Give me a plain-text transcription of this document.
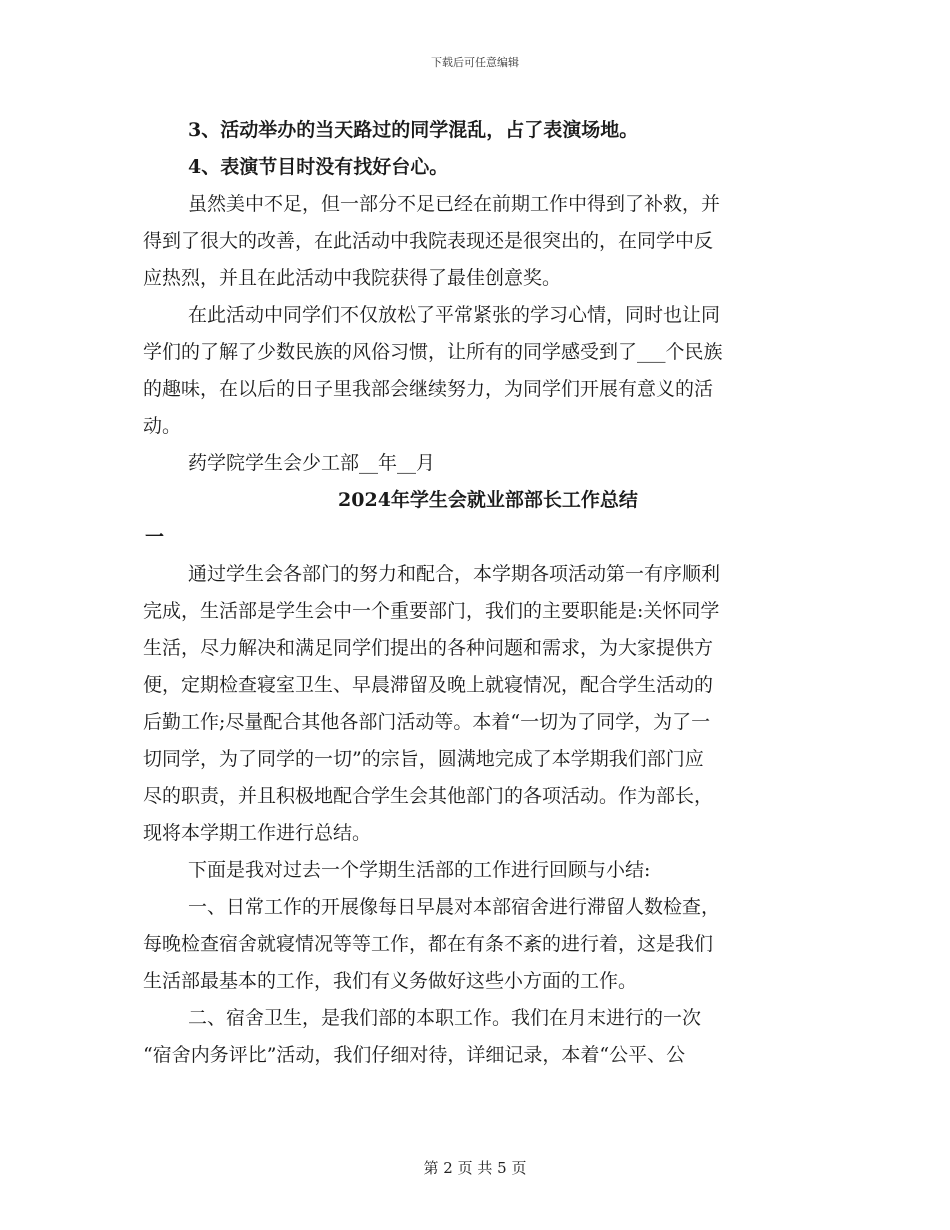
下载后可任意编辑

3、活动举办的当天路过的同学混乱，占了表演场地。

4、表演节目时没有找好台心。

虽然美中不足，但一部分不足已经在前期工作中得到了补救，并

得到了很大的改善，在此活动中我院表现还是很突出的，在同学中反

应热烈，并且在此活动中我院获得了最佳创意奖。

在此活动中同学们不仅放松了平常紧张的学习心情，同时也让同

学们的了解了少数民族的风俗习惯，让所有的同学感受到了___个民族

的趣味，在以后的日子里我部会继续努力，为同学们开展有意义的活

动。

药学院学生会少工部__年__月

2024年学生会就业部部长工作总结

一

通过学生会各部门的努力和配合，本学期各项活动第一有序顺利

完成，生活部是学生会中一个重要部门，我们的主要职能是:关怀同学

生活，尽力解决和满足同学们提出的各种问题和需求，为大家提供方

便，定期检查寝室卫生、早晨滞留及晚上就寝情况，配合学生活动的

后勤工作;尽量配合其他各部门活动等。本着“一切为了同学，为了一

切同学，为了同学的一切”的宗旨，圆满地完成了本学期我们部门应

尽的职责，并且积极地配合学生会其他部门的各项活动。作为部长，

现将本学期工作进行总结。

下面是我对过去一个学期生活部的工作进行回顾与小结:

一、日常工作的开展像每日早晨对本部宿舍进行滞留人数检查，

每晚检查宿舍就寝情况等等工作，都在有条不紊的进行着，这是我们

生活部最基本的工作，我们有义务做好这些小方面的工作。

二、宿舍卫生，是我们部的本职工作。我们在月末进行的一次

“宿舍内务评比”活动，我们仔细对待，详细记录，本着“公平、公

第 2 页 共 5 页
